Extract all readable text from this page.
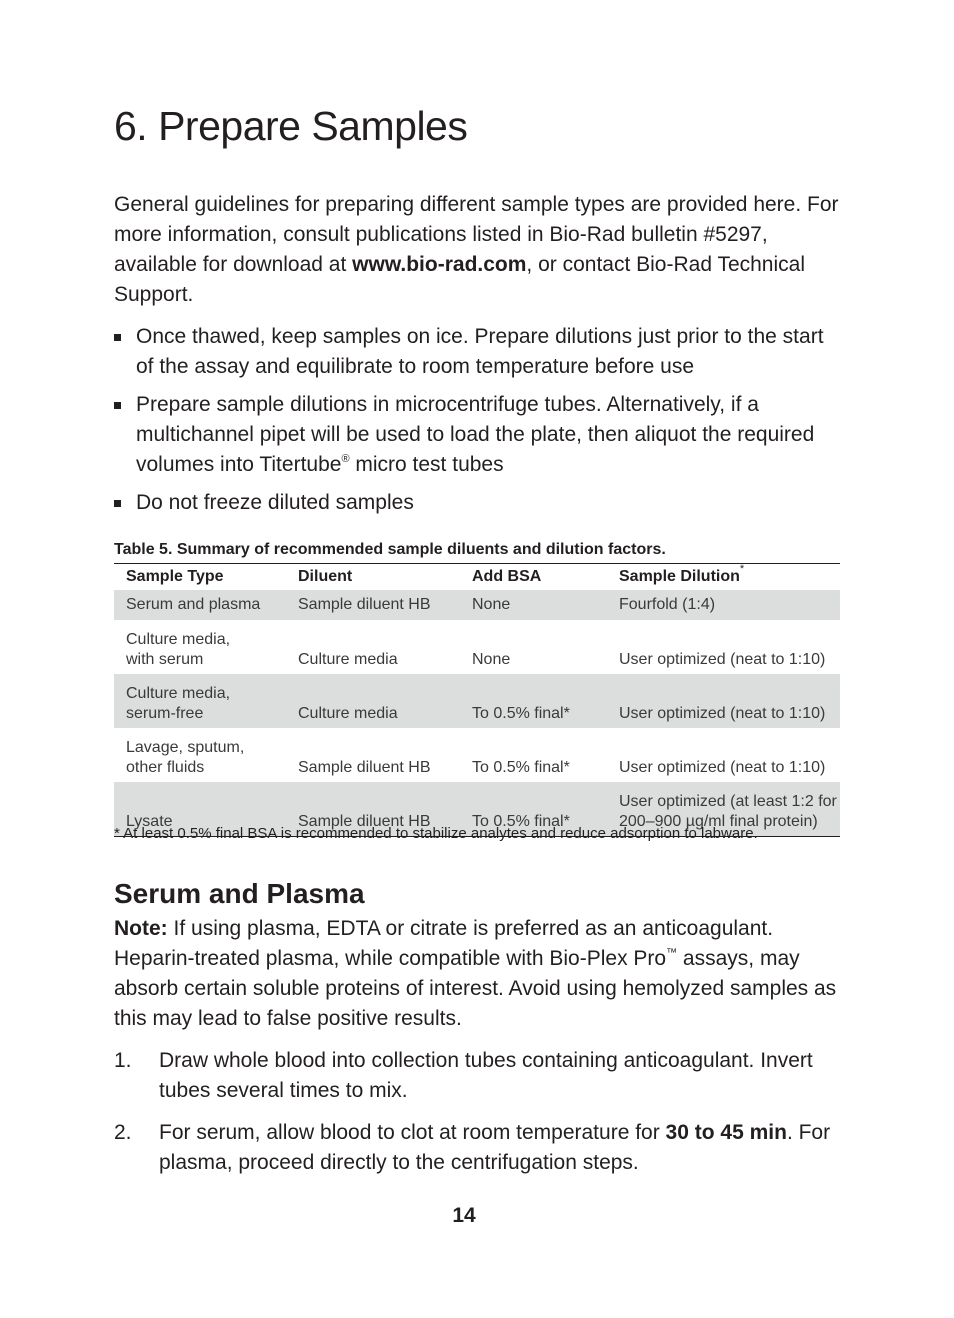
6. Prepare Samples

General guidelines for preparing different sample types are provided here. For more information, consult publications listed in Bio-Rad bulletin #5297, available for download at www.bio-rad.com, or contact Bio-Rad Technical Support.

Once thawed, keep samples on ice. Prepare dilutions just prior to the start of the assay and equilibrate to room temperature before use
Prepare sample dilutions in microcentrifuge tubes. Alternatively, if a multichannel pipet will be used to load the plate, then aliquot the required volumes into Titertube® micro test tubes
Do not freeze diluted samples

Table 5. Summary of recommended sample diluents and dilution factors.

Sample Type	Diluent	Add BSA	Sample Dilution*
Serum and plasma	Sample diluent HB	None	Fourfold (1:4)
Culture media,
with serum	Culture media	None	User optimized (neat to 1:10)
Culture media,
serum-free	Culture media	To 0.5% final*	User optimized (neat to 1:10)
Lavage, sputum,
other fluids	Sample diluent HB	To 0.5% final*	User optimized (neat to 1:10)
Lysate	Sample diluent HB	To 0.5% final*	User optimized (at least 1:2 for
200–900 µg/ml final protein)

* At least 0.5% final BSA is recommended to stabilize analytes and reduce adsorption to labware.

Serum and Plasma

Note: If using plasma, EDTA or citrate is preferred as an anticoagulant. Heparin-treated plasma, while compatible with Bio-Plex Pro™ assays, may absorb certain soluble proteins of interest. Avoid using hemolyzed samples as this may lead to false positive results.

1. Draw whole blood into collection tubes containing anticoagulant. Invert tubes several times to mix.
2. For serum, allow blood to clot at room temperature for 30 to 45 min. For plasma, proceed directly to the centrifugation steps.
14
